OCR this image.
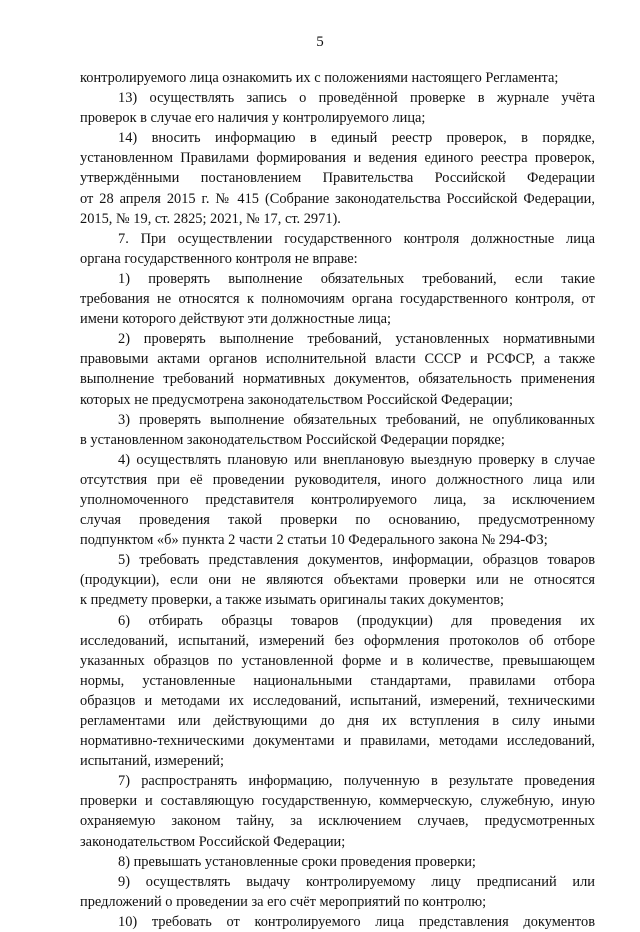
5
контролируемого лица ознакомить их с положениями настоящего Регламента;
13) осуществлять запись о проведённой проверке в журнале учёта
проверок в случае его наличия у контролируемого лица;
14) вносить информацию в единый реестр проверок, в порядке,
установленном Правилами формирования и ведения единого реестра проверок,
утверждёнными постановлением Правительства Российской Федерации
от 28 апреля 2015 г. № 415 (Собрание законодательства Российской Федерации,
2015, № 19, ст. 2825; 2021, № 17, ст. 2971).
7. При осуществлении государственного контроля должностные лица
органа государственного контроля не вправе:
1) проверять выполнение обязательных требований, если такие
требования не относятся к полномочиям органа государственного контроля, от
имени которого действуют эти должностные лица;
2) проверять выполнение требований, установленных нормативными
правовыми актами органов исполнительной власти СССР и РСФСР, а также
выполнение требований нормативных документов, обязательность применения
которых не предусмотрена законодательством Российской Федерации;
3) проверять выполнение обязательных требований, не опубликованных
в установленном законодательством Российской Федерации порядке;
4) осуществлять плановую или внеплановую выездную проверку в случае
отсутствия при её проведении руководителя, иного должностного лица или
уполномоченного представителя контролируемого лица, за исключением
случая проведения такой проверки по основанию, предусмотренному
подпунктом «б» пункта 2 части 2 статьи 10 Федерального закона № 294-ФЗ;
5) требовать представления документов, информации, образцов товаров
(продукции), если они не являются объектами проверки или не относятся
к предмету проверки, а также изымать оригиналы таких документов;
6) отбирать образцы товаров (продукции) для проведения их
исследований, испытаний, измерений без оформления протоколов об отборе
указанных образцов по установленной форме и в количестве, превышающем
нормы, установленные национальными стандартами, правилами отбора
образцов и методами их исследований, испытаний, измерений, техническими
регламентами или действующими до дня их вступления в силу иными
нормативно-техническими документами и правилами, методами исследований,
испытаний, измерений;
7) распространять информацию, полученную в результате проведения
проверки и составляющую государственную, коммерческую, служебную, иную
охраняемую законом тайну, за исключением случаев, предусмотренных
законодательством Российской Федерации;
8) превышать установленные сроки проведения проверки;
9) осуществлять выдачу контролируемому лицу предписаний или
предложений о проведении за его счёт мероприятий по контролю;
10) требовать от контролируемого лица представления документов
